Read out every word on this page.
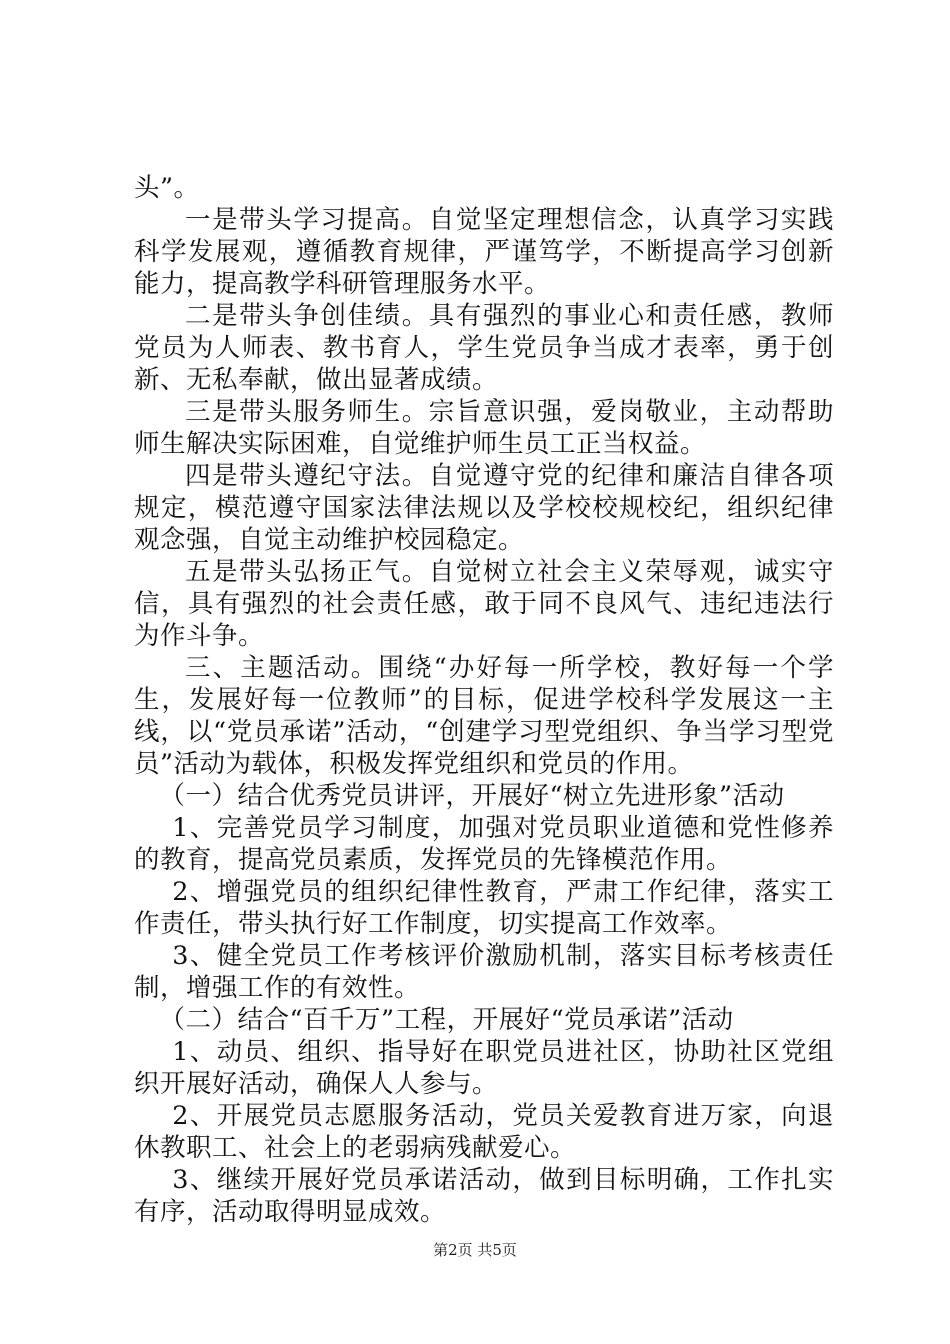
头”。

一是带头学习提高。自觉坚定理想信念，认真学习实践科学发展观，遵循教育规律，严谨笃学，不断提高学习创新能力，提高教学科研管理服务水平。

二是带头争创佳绩。具有强烈的事业心和责任感，教师党员为人师表、教书育人，学生党员争当成才表率，勇于创新、无私奉献，做出显著成绩。

三是带头服务师生。宗旨意识强，爱岗敬业，主动帮助师生解决实际困难，自觉维护师生员工正当权益。

四是带头遵纪守法。自觉遵守党的纪律和廉洁自律各项规定，模范遵守国家法律法规以及学校校规校纪，组织纪律观念强，自觉主动维护校园稳定。

五是带头弘扬正气。自觉树立社会主义荣辱观，诚实守信，具有强烈的社会责任感，敢于同不良风气、违纪违法行为作斗争。

三、主题活动。围绕“办好每一所学校，教好每一个学生，发展好每一位教师”的目标，促进学校科学发展这一主线，以“党员承诺”活动，“创建学习型党组织、争当学习型党员”活动为载体，积极发挥党组织和党员的作用。

（一）结合优秀党员讲评，开展好“树立先进形象”活动

1、完善党员学习制度，加强对党员职业道德和党性修养的教育，提高党员素质，发挥党员的先锋模范作用。

2、增强党员的组织纪律性教育，严肃工作纪律，落实工作责任，带头执行好工作制度，切实提高工作效率。

3、健全党员工作考核评价激励机制，落实目标考核责任制，增强工作的有效性。

（二）结合“百千万”工程，开展好“党员承诺”活动

1、动员、组织、指导好在职党员进社区，协助社区党组织开展好活动，确保人人参与。

2、开展党员志愿服务活动，党员关爱教育进万家，向退休教职工、社会上的老弱病残献爱心。

3、继续开展好党员承诺活动，做到目标明确，工作扎实有序，活动取得明显成效。

第2页 共5页
